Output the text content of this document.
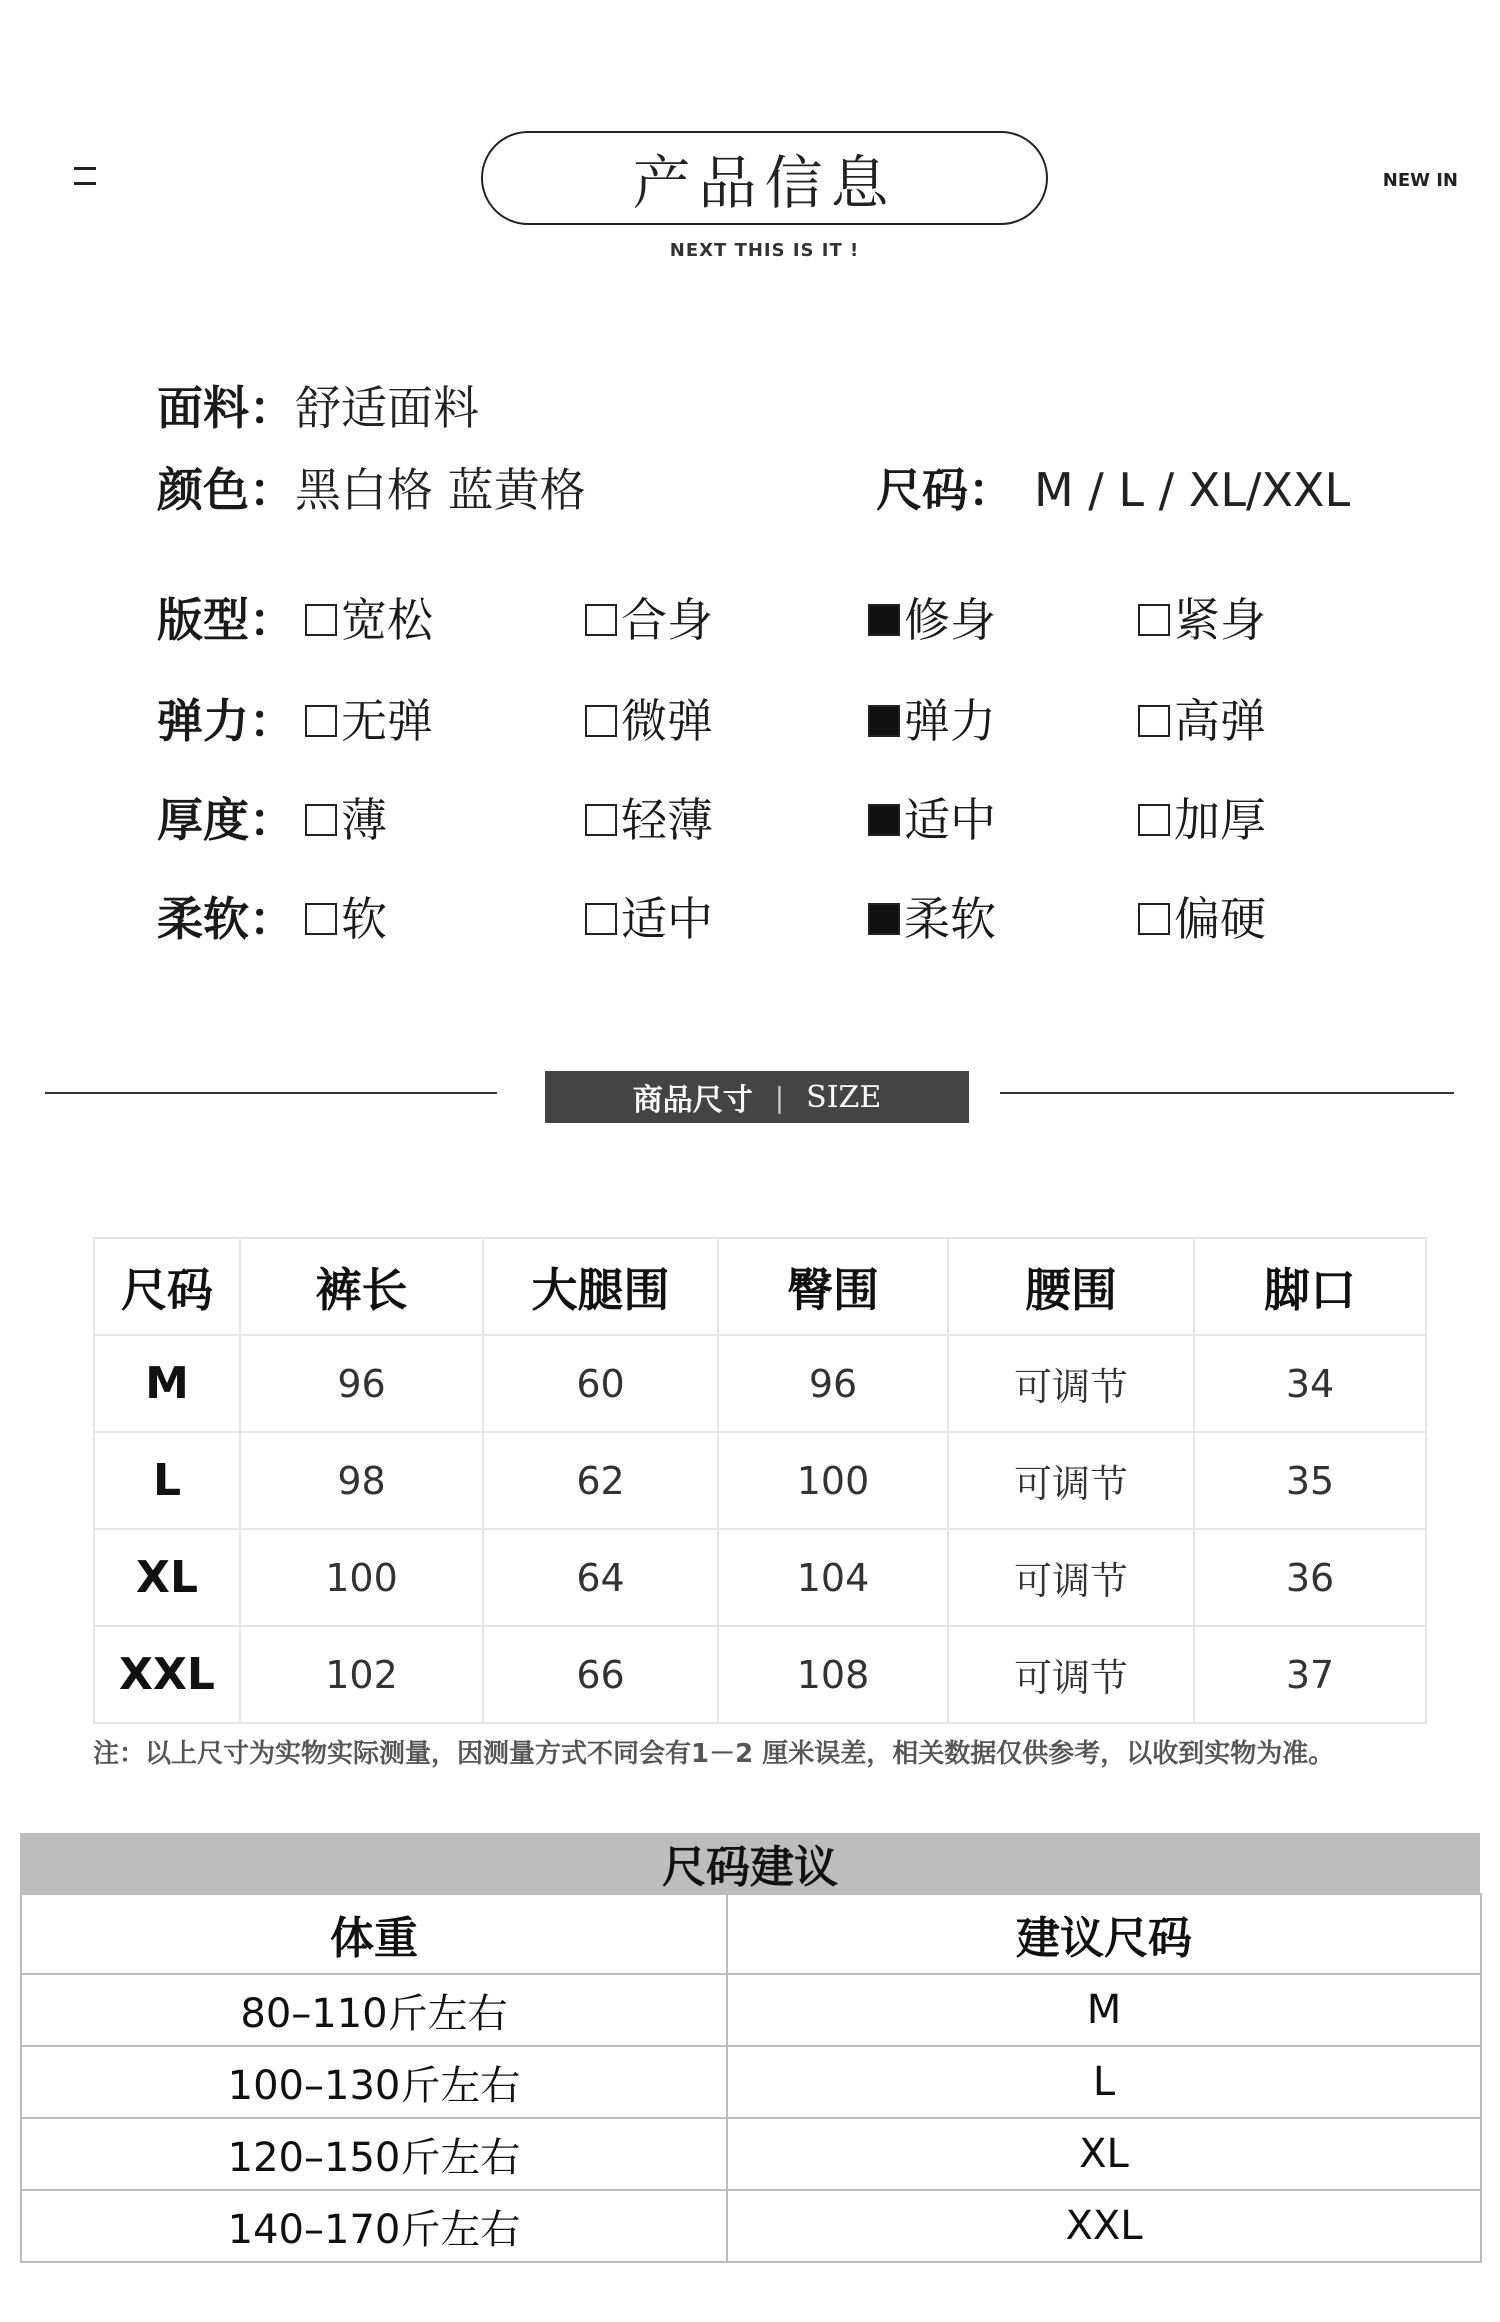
产品信息
NEXT THIS IS IT !
NEW IN
面料：舒适面料
颜色：黑白格 蓝黄格	尺码： M / L / XL/XXL
版型： 宽松	合身	修身	紧身
弹力： 无弹	微弹	弹力	高弹
厚度： 薄	轻薄	适中	加厚
柔软： 软	适中	柔软	偏硬
商品尺寸 | SIZE
尺码	裤长	大腿围	臀围	腰围	脚口
M	96	60	96	可调节	34
L	98	62	100	可调节	35
XL	100	64	104	可调节	36
XXL	102	66	108	可调节	37
注：以上尺寸为实物实际测量，因测量方式不同会有1－2 厘米误差，相关数据仅供参考，以收到实物为准。
尺码建议
体重	建议尺码
80–110斤左右	M
100–130斤左右	L
120–150斤左右	XL
140–170斤左右	XXL
